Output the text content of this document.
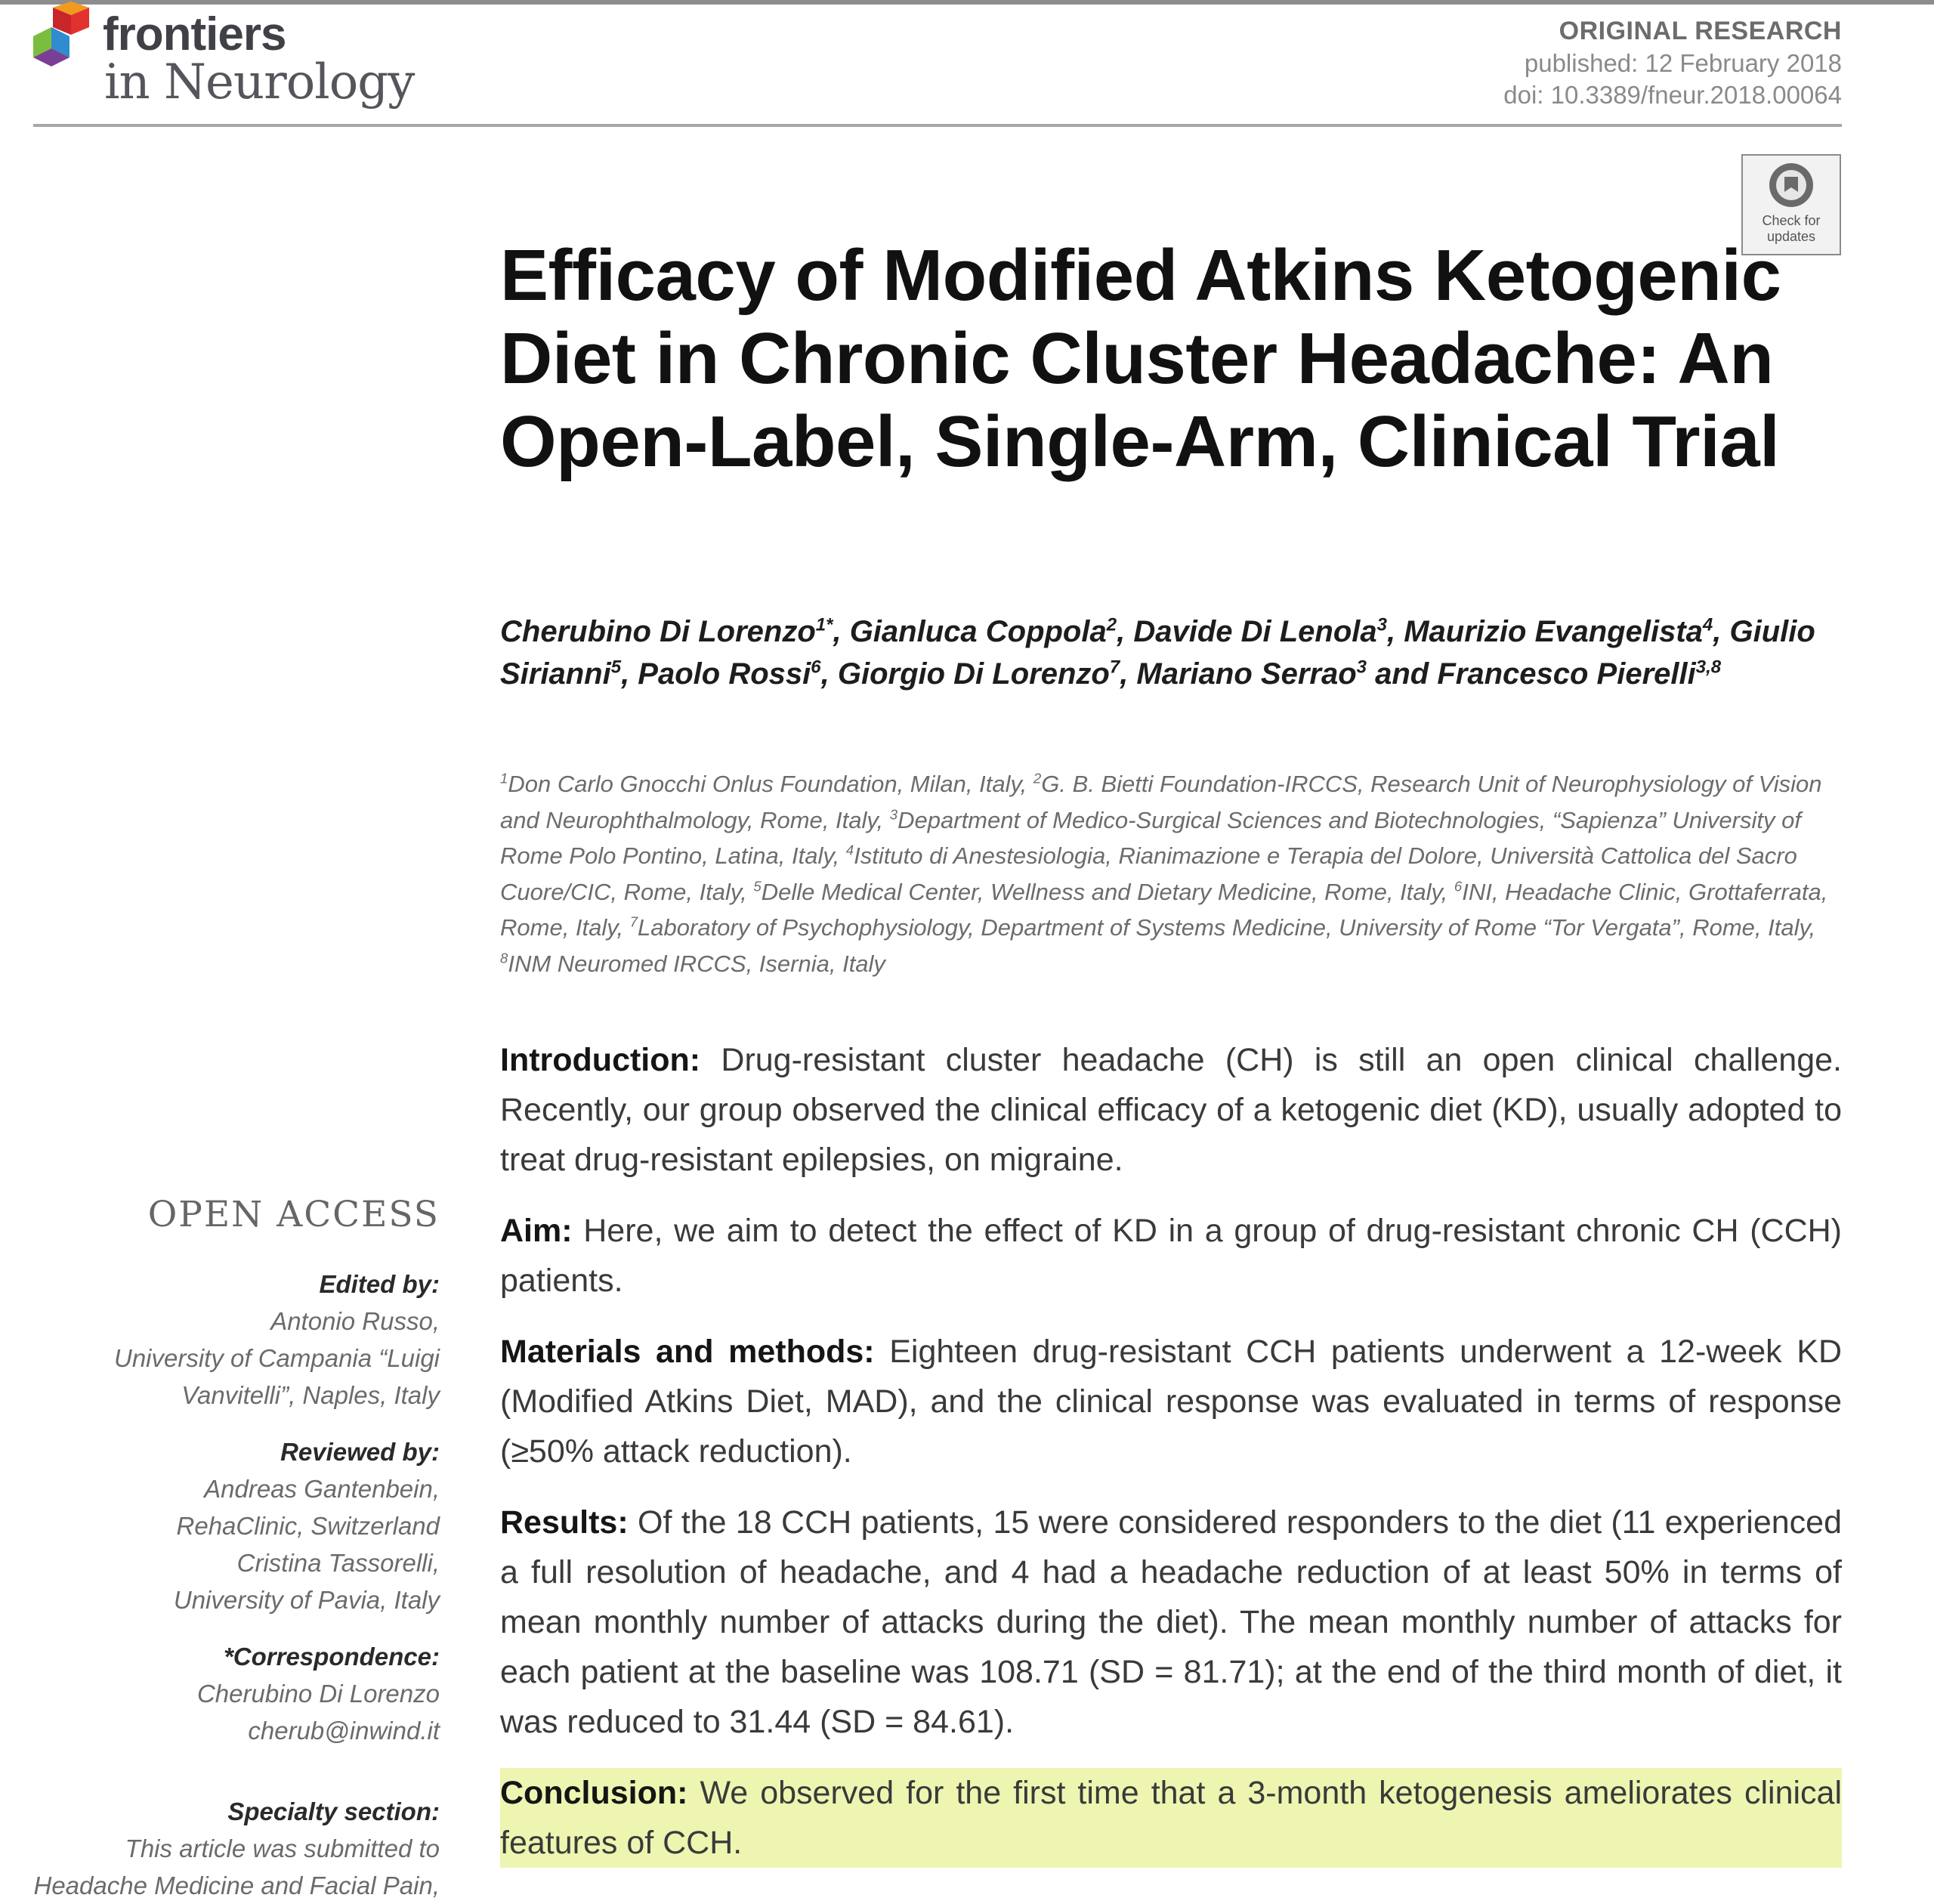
frontiers
in Neurology
ORIGINAL RESEARCH
published: 12 February 2018
doi: 10.3389/fneur.2018.00064
Check for
updates
Efficacy of Modified Atkins Ketogenic Diet in Chronic Cluster Headache: An Open-Label, Single-Arm, Clinical Trial
Cherubino Di Lorenzo$^{1*}$, Gianluca Coppola$^2$, Davide Di Lenola$^3$, Maurizio Evangelista$^4$, Giulio Sirianni$^5$, Paolo Rossi$^6$, Giorgio Di Lorenzo$^7$, Mariano Serrao$^3$ and Francesco Pierelli$^{3,8}$
$^1$Don Carlo Gnocchi Onlus Foundation, Milan, Italy, $^2$G. B. Bietti Foundation-IRCCS, Research Unit of Neurophysiology of Vision and Neurophthalmology, Rome, Italy, $^3$Department of Medico-Surgical Sciences and Biotechnologies, “Sapienza” University of Rome Polo Pontino, Latina, Italy, $^4$Istituto di Anestesiologia, Rianimazione e Terapia del Dolore, Università Cattolica del Sacro Cuore/CIC, Rome, Italy, $^5$Delle Medical Center, Wellness and Dietary Medicine, Rome, Italy, $^6$INI, Headache Clinic, Grottaferrata, Rome, Italy, $^7$Laboratory of Psychophysiology, Department of Systems Medicine, University of Rome “Tor Vergata”, Rome, Italy, $^8$INM Neuromed IRCCS, Isernia, Italy
OPEN ACCESS
Edited by:
Antonio Russo,
University of Campania “Luigi
Vanvitelli”, Naples, Italy
Reviewed by:
Andreas Gantenbein,
RehaClinic, Switzerland
Cristina Tassorelli,
University of Pavia, Italy
*Correspondence:
Cherubino Di Lorenzo
cherub@inwind.it
Specialty section:
This article was submitted to
Headache Medicine and Facial Pain,

Introduction: Drug-resistant cluster headache (CH) is still an open clinical challenge. Recently, our group observed the clinical efficacy of a ketogenic diet (KD), usually adopted to treat drug-resistant epilepsies, on migraine.

Aim: Here, we aim to detect the effect of KD in a group of drug-resistant chronic CH (CCH) patients.

Materials and methods: Eighteen drug-resistant CCH patients underwent a 12-week KD (Modified Atkins Diet, MAD), and the clinical response was evaluated in terms of response (≥50% attack reduction).

Results: Of the 18 CCH patients, 15 were considered responders to the diet (11 experienced a full resolution of headache, and 4 had a headache reduction of at least 50% in terms of mean monthly number of attacks during the diet). The mean monthly number of attacks for each patient at the baseline was 108.71 (SD = 81.71); at the end of the third month of diet, it was reduced to 31.44 (SD = 84.61).

Conclusion: We observed for the first time that a 3-month ketogenesis ameliorates clinical features of CCH.
